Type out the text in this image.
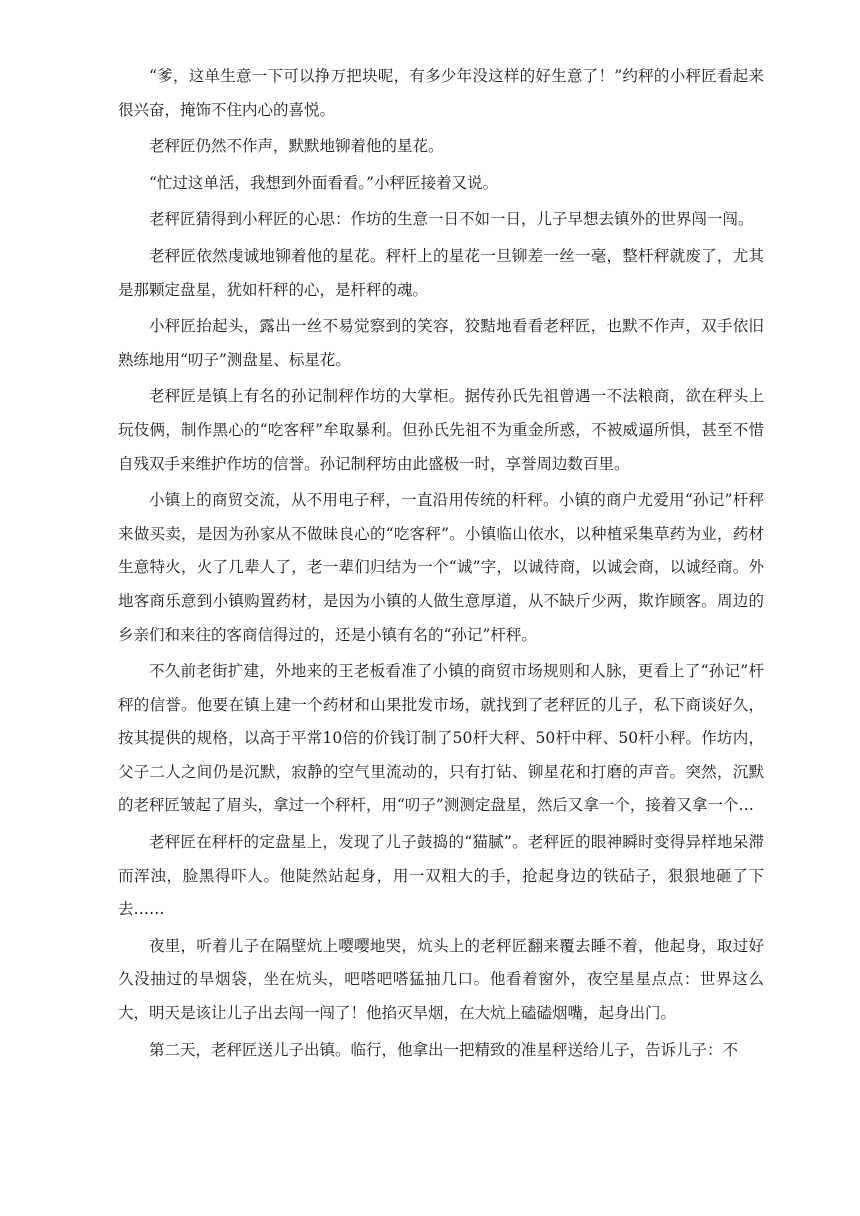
“爹，这单生意一下可以挣万把块呢，有多少年没这样的好生意了！”约秤的小秤匠看起来很兴奋，掩饰不住内心的喜悦。

老秤匠仍然不作声，默默地铆着他的星花。

“忙过这单活，我想到外面看看。”小秤匠接着又说。

老秤匠猜得到小秤匠的心思：作坊的生意一日不如一日，儿子早想去镇外的世界闯一闯。

老秤匠依然虔诚地铆着他的星花。秤杆上的星花一旦铆差一丝一毫，整杆秤就废了，尤其是那颗定盘星，犹如杆秤的心，是杆秤的魂。

小秤匠抬起头，露出一丝不易觉察到的笑容，狡黠地看看老秤匠，也默不作声，双手依旧熟练地用“叨子”测盘星、标星花。

老秤匠是镇上有名的孙记制秤作坊的大掌柜。据传孙氏先祖曾遇一不法粮商，欲在秤头上玩伎俩，制作黑心的“吃客秤”牟取暴利。但孙氏先祖不为重金所惑，不被威逼所惧，甚至不惜自残双手来维护作坊的信誉。孙记制秤坊由此盛极一时，享誉周边数百里。

小镇上的商贸交流，从不用电子秤，一直沿用传统的杆秤。小镇的商户尤爱用“孙记”杆秤来做买卖，是因为孙家从不做昧良心的“吃客秤”。小镇临山依水，以种植采集草药为业，药材生意特火，火了几辈人了，老一辈们归结为一个“诚”字，以诚待商，以诚会商，以诚经商。外地客商乐意到小镇购置药材，是因为小镇的人做生意厚道，从不缺斤少两，欺诈顾客。周边的乡亲们和来往的客商信得过的，还是小镇有名的“孙记”杆秤。

不久前老街扩建，外地来的王老板看准了小镇的商贸市场规则和人脉，更看上了“孙记”杆秤的信誉。他要在镇上建一个药材和山果批发市场，就找到了老秤匠的儿子，私下商谈好久，按其提供的规格，以高于平常10倍的价钱订制了50杆大秤、50杆中秤、50杆小秤。作坊内，父子二人之间仍是沉默，寂静的空气里流动的，只有打钻、铆星花和打磨的声音。突然，沉默的老秤匠皱起了眉头，拿过一个秤杆，用“叨子”测测定盘星，然后又拿一个，接着又拿一个…

老秤匠在秤杆的定盘星上，发现了儿子鼓捣的“猫腻”。老秤匠的眼神瞬时变得异样地呆滞而浑浊，脸黑得吓人。他陡然站起身，用一双粗大的手，抢起身边的铁砧子，狠狠地砸了下去……

夜里，听着儿子在隔壁炕上嘤嘤地哭，炕头上的老秤匠翻来覆去睡不着，他起身，取过好久没抽过的旱烟袋，坐在炕头，吧嗒吧嗒猛抽几口。他看着窗外，夜空星星点点：世界这么大，明天是该让儿子出去闯一闯了！他掐灭旱烟，在大炕上磕磕烟嘴，起身出门。

第二天，老秤匠送儿子出镇。临行，他拿出一把精致的准星秤送给儿子，告诉儿子：不
